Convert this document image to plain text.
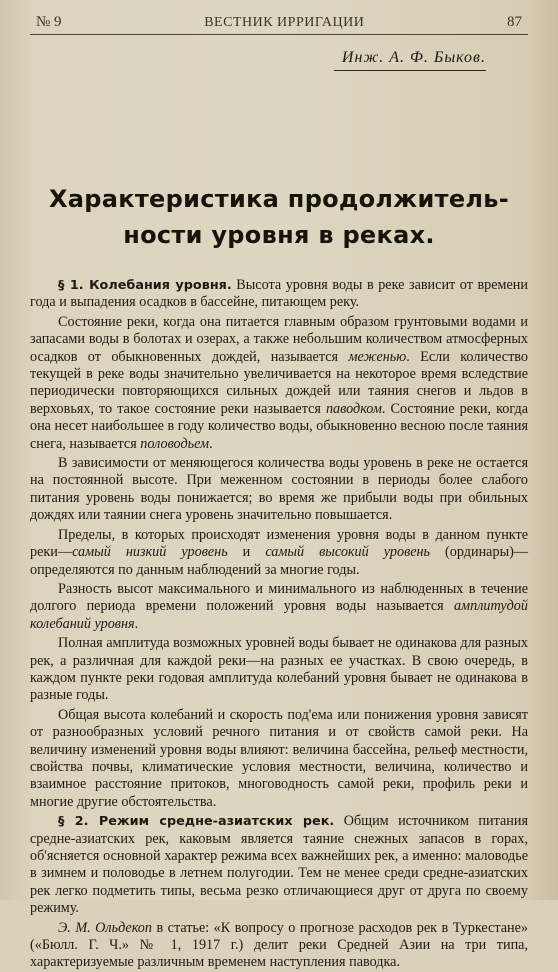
№ 9	ВЕСТНИК ИРРИГАЦИИ	87
Инж. А. Ф. Быков.
Характеристика продолжитель-
ности уровня в реках.

§ 1. Колебания уровня. Высота уровня воды в реке зависит от времени года и выпадения осадков в бассейне, питающем реку.

Состояние реки, когда она питается главным образом грунтовыми водами и запасами воды в болотах и озерах, а также небольшим количеством атмосферных осадков от обыкновенных дождей, называется меженью. Если количество текущей в реке воды значительно увеличивается на некоторое время вследствие периодически повторяющихся сильных дождей или таяния снегов и льдов в верховьях, то такое состояние реки называется паводком. Состояние реки, когда она несет наибольшее в году количество воды, обыкновенно весною после таяния снега, называется половодьем.

В зависимости от меняющегося количества воды уровень в реке не остается на постоянной высоте. При меженном состоянии в периоды более слабого питания уровень воды понижается; во время же прибыли воды при обильных дождях или таянии снега уровень значительно повышается.

Пределы, в которых происходят изменения уровня воды в данном пункте реки—самый низкий уровень и самый высокий уровень (ординары)—определяются по данным наблюдений за многие годы.

Разность высот максимального и минимального из наблюденных в течение долгого периода времени положений уровня воды называется амплитудой колебаний уровня.

Полная амплитуда возможных уровней воды бывает не одинакова для разных рек, а различная для каждой реки—на разных ее участках. В свою очередь, в каждом пункте реки годовая амплитуда колебаний уровня бывает не одинакова в разные годы.

Общая высота колебаний и скорость под'ема или понижения уровня зависят от разнообразных условий речного питания и от свойств самой реки. На величину изменений уровня воды влияют: величина бассейна, рельеф местности, свойства почвы, климатические условия местности, величина, количество и взаимное расстояние притоков, многоводность самой реки, профиль реки и многие другие обстоятельства.

§ 2. Режим средне-азиатских рек. Общим источником питания средне-азиатских рек, каковым является таяние снежных запасов в горах, об'ясняется основной характер режима всех важнейших рек, а именно: маловодье в зимнем и половодье в летнем полугодии. Тем не менее среди средне-азиатских рек легко подметить типы, весьма резко отличающиеся друг от друга по своему режиму.

Э. М. Ольдекоп в статье: «К вопросу о прогнозе расходов рек в Туркестане» («Бюлл. Г. Ч.» № 1, 1917 г.) делит реки Средней Азии на три типа, характеризуемые различным временем наступления паводка.
